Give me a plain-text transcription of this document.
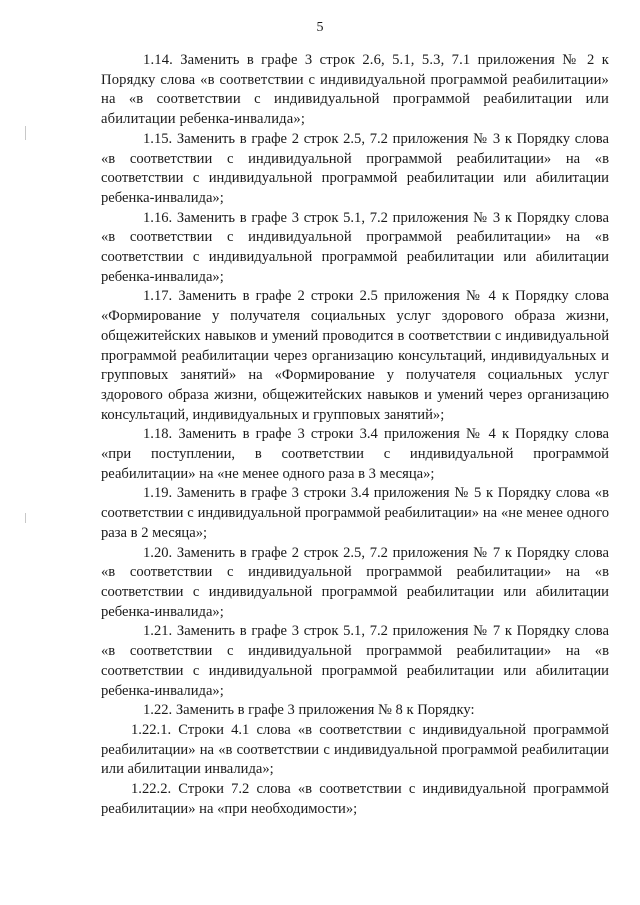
5

1.14. Заменить в графе 3 строк 2.6, 5.1, 5.3, 7.1 приложения № 2 к Порядку слова «в соответствии с индивидуальной программой реабилитации» на «в соответствии с индивидуальной программой реабилитации или абилитации ребенка-инвалида»;

1.15. Заменить в графе 2 строк 2.5, 7.2 приложения № 3 к Порядку слова «в соответствии с индивидуальной программой реабилитации» на «в соответствии с индивидуальной программой реабилитации или абилитации ребенка-инвалида»;

1.16. Заменить в графе 3 строк 5.1, 7.2 приложения № 3 к Порядку слова «в соответствии с индивидуальной программой реабилитации» на «в соответствии с индивидуальной программой реабилитации или абилитации ребенка-инвалида»;

1.17. Заменить в графе 2 строки 2.5 приложения № 4 к Порядку слова «Формирование у получателя социальных услуг здорового образа жизни, общежитейских навыков и умений проводится в соответствии с индивидуальной программой реабилитации через организацию консультаций, индивидуальных и групповых занятий» на «Формирование у получателя социальных услуг здорового образа жизни, общежитейских навыков и умений через организацию консультаций, индивидуальных и групповых занятий»;

1.18. Заменить в графе 3 строки 3.4 приложения № 4 к Порядку слова «при поступлении, в соответствии с индивидуальной программой реабилитации» на «не менее одного раза в 3 месяца»;

1.19. Заменить в графе 3 строки 3.4 приложения № 5 к Порядку слова «в соответствии с индивидуальной программой реабилитации» на «не менее одного раза в 2 месяца»;

1.20. Заменить в графе 2 строк 2.5, 7.2 приложения № 7 к Порядку слова «в соответствии с индивидуальной программой реабилитации» на «в соответствии с индивидуальной программой реабилитации или абилитации ребенка-инвалида»;

1.21. Заменить в графе 3 строк 5.1, 7.2 приложения № 7 к Порядку слова «в соответствии с индивидуальной программой реабилитации» на «в соответствии с индивидуальной программой реабилитации или абилитации ребенка-инвалида»;

1.22. Заменить в графе 3 приложения № 8 к Порядку:

1.22.1. Строки 4.1 слова «в соответствии с индивидуальной программой реабилитации» на «в соответствии с индивидуальной программой реабилитации или абилитации инвалида»;

1.22.2. Строки 7.2 слова «в соответствии с индивидуальной программой реабилитации» на «при необходимости»;
